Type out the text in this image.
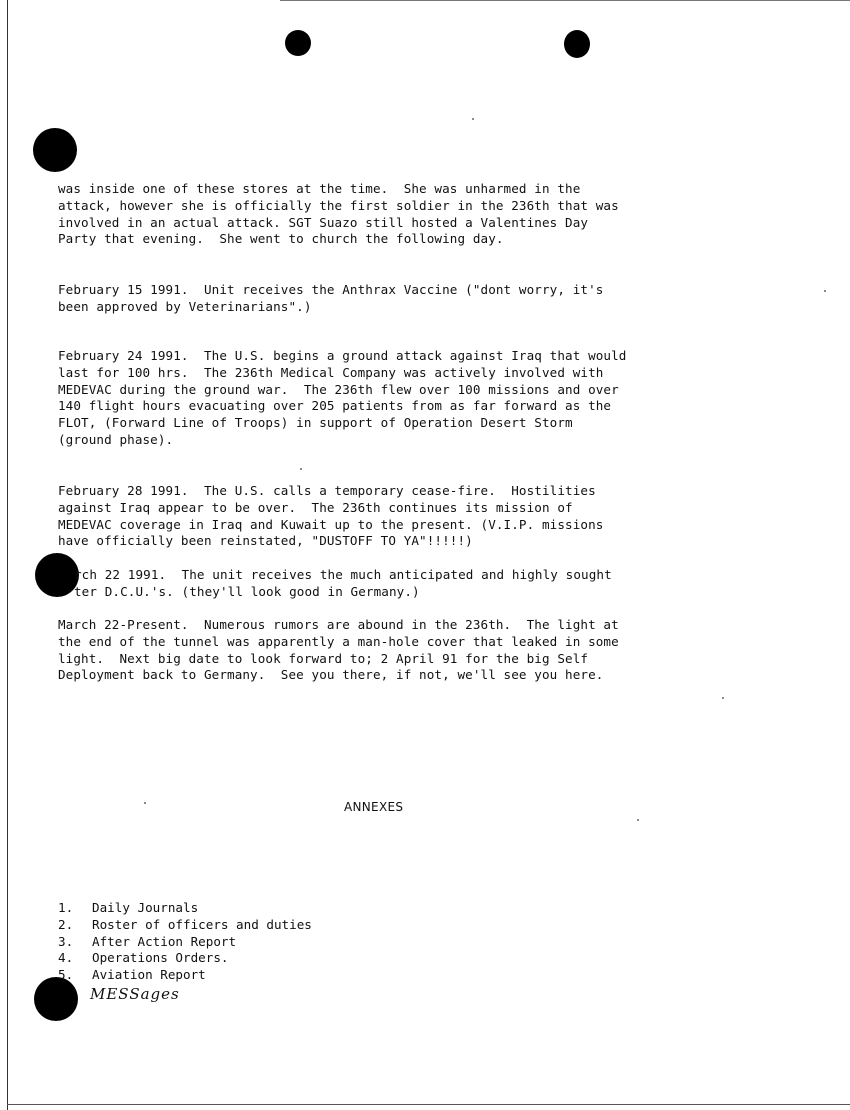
was inside one of these stores at the time.  She was unharmed in the
attack, however she is officially the first soldier in the 236th that was
involved in an actual attack. SGT Suazo still hosted a Valentines Day
Party that evening.  She went to church the following day.
February 15 1991.  Unit receives the Anthrax Vaccine ("dont worry, it's
been approved by Veterinarians".)
February 24 1991.  The U.S. begins a ground attack against Iraq that would
last for 100 hrs.  The 236th Medical Company was actively involved with
MEDEVAC during the ground war.  The 236th flew over 100 missions and over
140 flight hours evacuating over 205 patients from as far forward as the
FLOT, (Forward Line of Troops) in support of Operation Desert Storm
(ground phase).
February 28 1991.  The U.S. calls a temporary cease-fire.  Hostilities
against Iraq appear to be over.  The 236th continues its mission of
MEDEVAC coverage in Iraq and Kuwait up to the present. (V.I.P. missions
have officially been reinstated, "DUSTOFF TO YA"!!!!!)
rch 22 1991.  The unit receives the much anticipated and highly sought
ter D.C.U.'s. (they'll look good in Germany.)
March 22-Present.  Numerous rumors are abound in the 236th.  The light at
the end of the tunnel was apparently a man-hole cover that leaked in some
light.  Next big date to look forward to; 2 April 91 for the big Self
Deployment back to Germany.  See you there, if not, we'll see you here.
ANNEXES
1. Daily Journals
2. Roster of officers and duties
3. After Action Report
4. Operations Orders.
5. Aviation Report
MESSages
